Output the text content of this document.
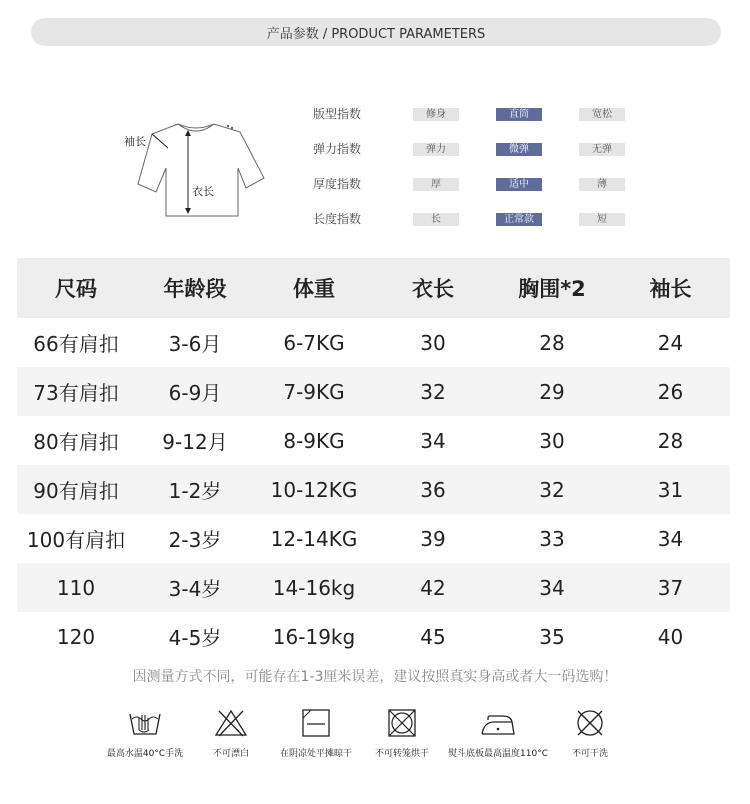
产品参数 / PRODUCT PARAMETERS
袖长
衣长
版型指数	修身	直筒	宽松
弹力指数	弹力	微弹	无弹
厚度指数	厚	适中	薄
长度指数	长	正常款	短
尺码	年龄段	体重	衣长	胸围*2	袖长
66有肩扣	3-6月	6-7KG	30	28	24
73有肩扣	6-9月	7-9KG	32	29	26
80有肩扣	9-12月	8-9KG	34	30	28
90有肩扣	1-2岁	10-12KG	36	32	31
100有肩扣	2-3岁	12-14KG	39	33	34
110	3-4岁	14-16kg	42	34	37
120	4-5岁	16-19kg	45	35	40
因测量方式不同，可能存在1-3厘米误差，建议按照真实身高或者大一码选购！
最高水温40°C手洗	不可漂白	在阴凉处平摊晾干	不可转笼烘干	熨斗底板最高温度110°C	不可干洗
